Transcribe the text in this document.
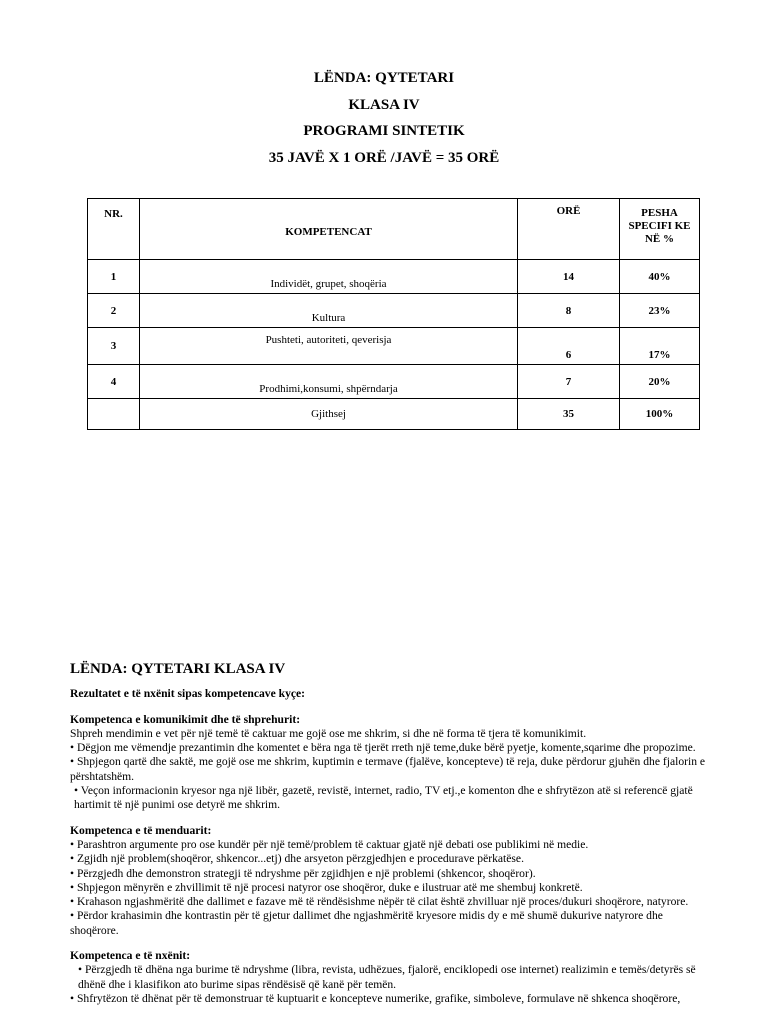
LËNDA: QYTETARI
KLASA IV
PROGRAMI SINTETIK
35 JAVË X 1 ORË /JAVË = 35 ORË
NR.	KOMPETENCAT	ORË	PESHA SPECIFI KE NË %
1	Individët, grupet, shoqëria	14	40%
2	Kultura	8	23%
3	Pushteti, autoriteti, qeverisja	6	17%
4	Prodhimi,konsumi, shpërndarja	7	20%
	Gjithsej	35	100%
LËNDA: QYTETARI KLASA IV

Rezultatet e të nxënit sipas kompetencave kyçe:

Kompetenca e komunikimit dhe të shprehurit:

Shpreh mendimin e vet për një temë të caktuar me gojë ose me shkrim, si dhe në forma të tjera të komunikimit.

• Dëgjon me vëmendje prezantimin dhe komentet e bëra nga të tjerët rreth një teme,duke bërë pyetje, komente,sqarime dhe propozime.

• Shpjegon qartë dhe saktë, me gojë ose me shkrim, kuptimin e termave (fjalëve, koncepteve) të reja, duke përdorur gjuhën dhe fjalorin e përshtatshëm.

• Veçon informacionin kryesor nga një libër, gazetë, revistë, internet, radio, TV etj.,e komenton dhe e shfrytëzon atë si referencë gjatë hartimit të një punimi ose detyrë me shkrim.

Kompetenca e të menduarit:

• Parashtron argumente pro ose kundër për një temë/problem të caktuar gjatë një debati ose publikimi në medie.

• Zgjidh një problem(shoqëror, shkencor...etj) dhe arsyeton përzgjedhjen e procedurave përkatëse.

• Përzgjedh dhe demonstron strategji të ndryshme për zgjidhjen e një problemi (shkencor, shoqëror).

• Shpjegon mënyrën e zhvillimit të një procesi natyror ose shoqëror, duke e ilustruar atë me shembuj konkretë.

• Krahason ngjashmëritë dhe dallimet e fazave më të rëndësishme nëpër të cilat është zhvilluar një proces/dukuri shoqërore, natyrore.

• Përdor krahasimin dhe kontrastin për të gjetur dallimet dhe ngjashmëritë kryesore midis dy e më shumë dukurive natyrore dhe shoqërore.

Kompetenca e të nxënit:

• Përzgjedh të dhëna nga burime të ndryshme (libra, revista, udhëzues, fjalorë, enciklopedi ose internet) realizimin e temës/detyrës së dhënë dhe i klasifikon ato burime sipas rëndësisë që kanë për temën.

• Shfrytëzon të dhënat për të demonstruar të kuptuarit e koncepteve numerike, grafike, simboleve, formulave në shkenca shoqërore,
